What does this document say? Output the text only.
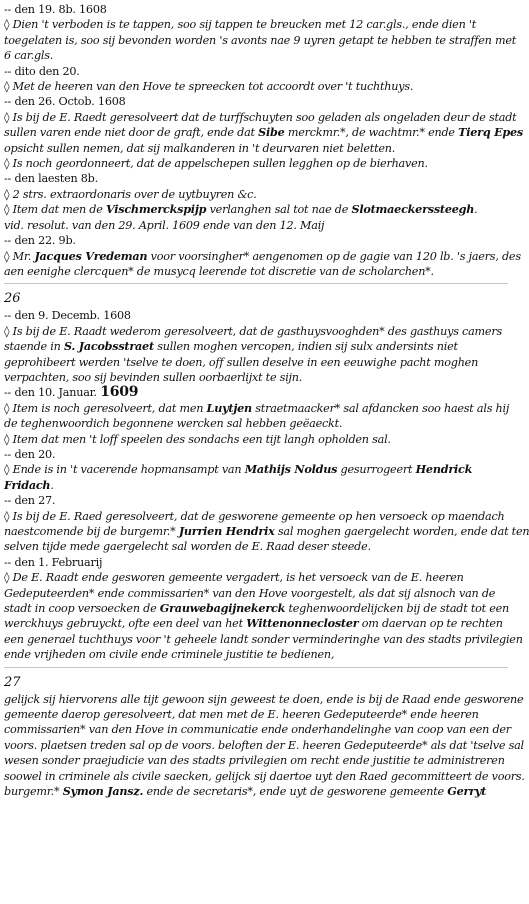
-- den 19. 8b. 1608
◊ Dien 't verboden is te tappen, soo sij tappen te breucken met 12 car.gls., ende dien 't
toegelaten is, soo sij bevonden worden 's avonts nae 9 uyren getapt te hebben te straffen met
6 car.gls.
-- dito den 20.
◊ Met de heeren van den Hove te spreecken tot accoordt over 't tuchthuys.
-- den 26. Octob. 1608
◊ Is bij de E. Raedt geresolveert dat de turffschuyten soo geladen als ongeladen deur de stadt
sullen varen ende niet door de graft, ende dat Sibe merckmr.*, de wachtmr.* ende Tierq Epes
opsicht sullen nemen, dat sij malkanderen in 't deurvaren niet beletten.
◊ Is noch geordonneert, dat de appelschepen sullen legghen op de bierhaven.
-- den laesten 8b.
◊ 2 strs. extraordonaris over de uytbuyren &c.
◊ Item dat men de Vischmerckspijp verlanghen sal tot nae de Slotmaeckerssteegh.
vid. resolut. van den 29. April. 1609 ende van den 12. Maij
-- den 22. 9b.
◊ Mr. Jacques Vredeman voor voorsingher* aengenomen op de gagie van 120 lb. 's jaers, des
aen eenighe clercquen* de musycq leerende tot discretie van de scholarchen*.
26
-- den 9. Decemb. 1608
◊ Is bij de E. Raadt wederom geresolveert, dat de gasthuysvooghden* des gasthuys camers
staende in S. Jacobsstraet sullen moghen vercopen, indien sij sulx andersints niet
geprohibeert werden 'tselve te doen, off sullen deselve in een eeuwighe pacht moghen
verpachten, soo sij bevinden sullen oorbaerlijxt te sijn.
-- den 10. Januar. 1609
◊ Item is noch geresolveert, dat men Luytjen straetmaacker* sal afdancken soo haest als hij
de teghenwoordich begonnene wercken sal hebben geëaeckt.
◊ Item dat men 't loff speelen des sondachs een tijt langh opholden sal.
-- den 20.
◊ Ende is in 't vacerende hopmansampt van Mathijs Noldus gesurrogeert Hendrick
Fridach.
-- den 27.
◊ Is bij de E. Raed geresolveert, dat de gesworene gemeente op hen versoeck op maendach
naestcomende bij de burgemr.* Jurrien Hendrix sal moghen gaergelecht worden, ende dat ten
selven tijde mede gaergelecht sal worden de E. Raad deser steede.
-- den 1. Februarij
◊ De E. Raadt ende gesworen gemeente vergadert, is het versoeck van de E. heeren
Gedeputeerden* ende commissarien* van den Hove voorgestelt, als dat sij alsnoch van de
stadt in coop versoecken de Grauwebagijnekerck teghenwoordelijcken bij de stadt tot een
werckhuys gebruyckt, ofte een deel van het Wittenonnecloster om daervan op te rechten
een generael tuchthuys voor 't geheele landt sonder verminderinghe van des stadts privilegien
ende vrijheden om civile ende criminele justitie te bedienen,
27
gelijck sij hiervorens alle tijt gewoon sijn geweest te doen, ende is bij de Raad ende gesworene
gemeente daerop geresolveert, dat men met de E. heeren Gedeputeerde* ende heeren
commissarien* van den Hove in communicatie ende onderhandelinghe van coop van een der
voors. plaetsen treden sal op de voors. beloften der E. heeren Gedeputeerde* als dat 'tselve sal
wesen sonder praejudicie van des stadts privilegien om recht ende justitie te administreren
soowel in criminele als civile saecken, gelijck sij daertoe uyt den Raed gecommitteert de voors.
burgemr.* Symon Jansz. ende de secretaris*, ende uyt de gesworene gemeente Gerryt
